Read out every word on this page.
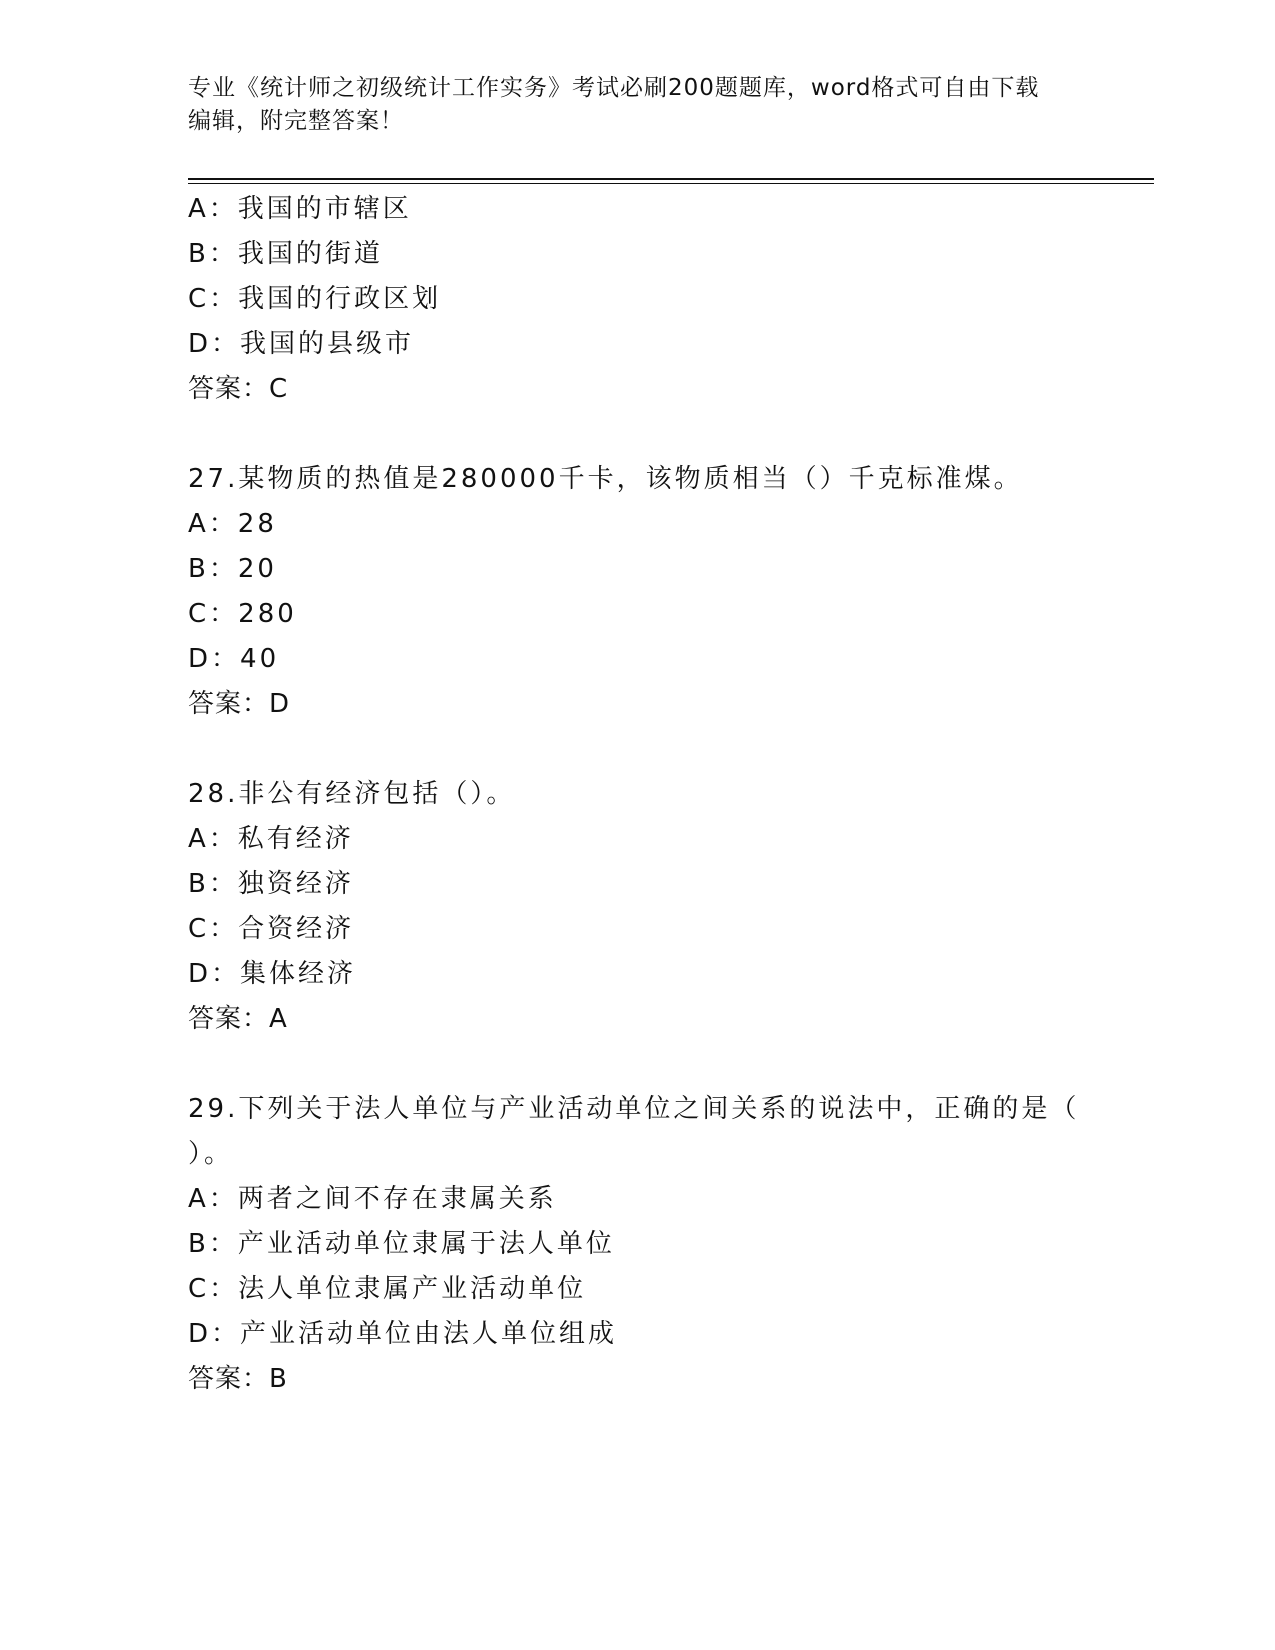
专业《统计师之初级统计工作实务》考试必刷200题题库，word格式可自由下载
编辑，附完整答案！
A：我国的市辖区
B：我国的街道
C：我国的行政区划
D：我国的县级市
答案：C
27.某物质的热值是280000千卡，该物质相当（）千克标准煤。
A：28
B：20
C：280
D：40
答案：D
28.非公有经济包括（）。
A：私有经济
B：独资经济
C：合资经济
D：集体经济
答案：A
29.下列关于法人单位与产业活动单位之间关系的说法中，正确的是（
）。
A：两者之间不存在隶属关系
B：产业活动单位隶属于法人单位
C：法人单位隶属产业活动单位
D：产业活动单位由法人单位组成
答案：B
